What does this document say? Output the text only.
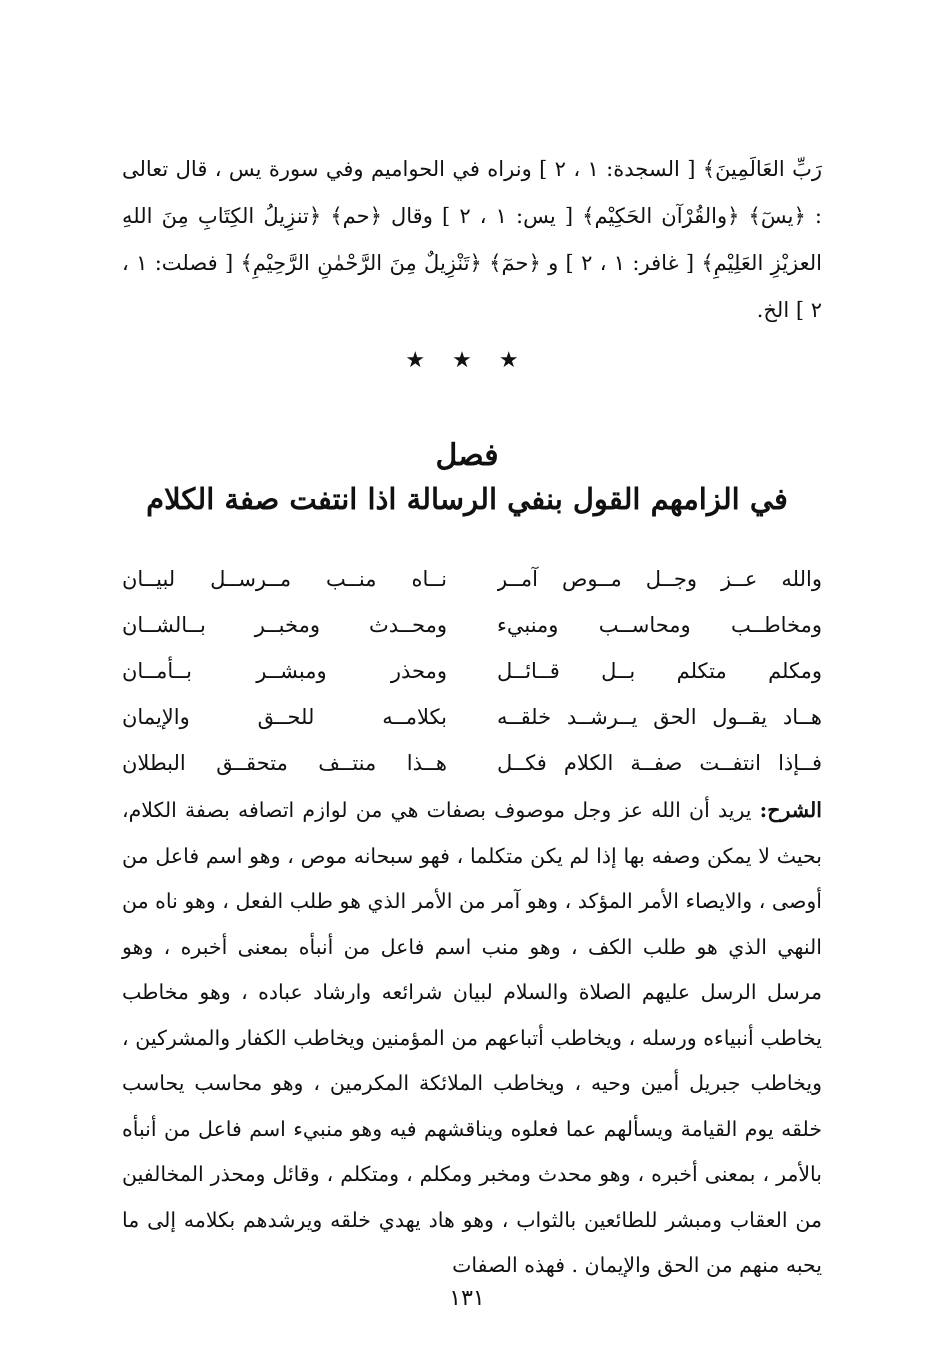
رَبِّ العَالَمِينَ﴾ [ السجدة: ١ ، ٢ ] ونراه في الحواميم وفي سورة يس ، قال تعالى : ﴿يسٓ﴾ ﴿والقُرْآن الحَكِيْم﴾ [ يس: ١ ، ٢ ] وقال ﴿حم﴾ ﴿تنزِيلُ الكِتَابِ مِنَ اللهِ العزيْزِ العَلِيْمِ﴾ [ غافر: ١ ، ٢ ] و ﴿حمٓ﴾ ﴿تَنْزِيلٌ مِنَ الرَّحْمٰنِ الرَّحِيْمِ﴾ [ فصلت: ١ ، ٢ ] الخ.

★ ★ ★
فصل
في الزامهم القول بنفي الرسالة اذا انتفت صفة الكلام
والله عــز وجــل مــوص آمــر
نــاه منــب مــرســل لبيــان
ومخاطــب ومحاســب ومنبيء
ومحــدث ومخبــر بــالشــان
ومكلم متكلم بــل قــائــل
ومحذر ومبشــر بــأمــان
هــاد يقــول الحق يــرشــد خلقــه
بكلامــه للحــق والإيمان
فــإذا انتفــت صفــة الكلام فكــل
هــذا منتــف متحقــق البطلان

الشرح: يريد أن الله عز وجل موصوف بصفات هي من لوازم اتصافه بصفة الكلام، بحيث لا يمكن وصفه بها إذا لم يكن متكلما ، فهو سبحانه موص ، وهو اسم فاعل من أوصى ، والايصاء الأمر المؤكد ، وهو آمر من الأمر الذي هو طلب الفعل ، وهو ناه من النهي الذي هو طلب الكف ، وهو منب اسم فاعل من أنبأه بمعنى أخبره ، وهو مرسل الرسل عليهم الصلاة والسلام لبيان شرائعه وارشاد عباده ، وهو مخاطب يخاطب أنبياءه ورسله ، ويخاطب أتباعهم من المؤمنين ويخاطب الكفار والمشركين ، ويخاطب جبريل أمين وحيه ، ويخاطب الملائكة المكرمين ، وهو محاسب يحاسب خلقه يوم القيامة ويسألهم عما فعلوه ويناقشهم فيه وهو منبيء اسم فاعل من أنبأه بالأمر ، بمعنى أخبره ، وهو محدث ومخبر ومكلم ، ومتكلم ، وقائل ومحذر المخالفين من العقاب ومبشر للطائعين بالثواب ، وهو هاد يهدي خلقه ويرشدهم بكلامه إلى ما يحبه منهم من الحق والإيمان . فهذه الصفات

١٣١
